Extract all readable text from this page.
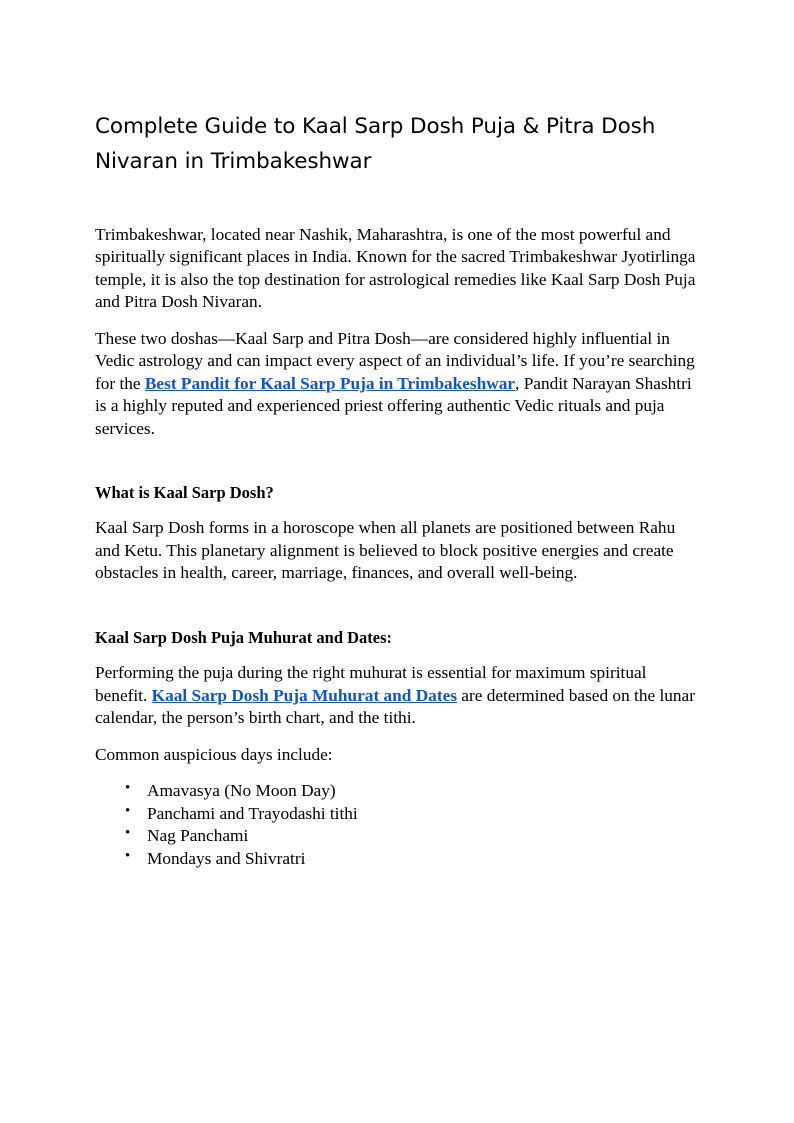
Complete Guide to Kaal Sarp Dosh Puja & Pitra Dosh Nivaran in Trimbakeshwar

Trimbakeshwar, located near Nashik, Maharashtra, is one of the most powerful and spiritually significant places in India. Known for the sacred Trimbakeshwar Jyotirlinga temple, it is also the top destination for astrological remedies like Kaal Sarp Dosh Puja and Pitra Dosh Nivaran.

These two doshas—Kaal Sarp and Pitra Dosh—are considered highly influential in Vedic astrology and can impact every aspect of an individual’s life. If you’re searching for the Best Pandit for Kaal Sarp Puja in Trimbakeshwar, Pandit Narayan Shashtri is a highly reputed and experienced priest offering authentic Vedic rituals and puja services.

What is Kaal Sarp Dosh?

Kaal Sarp Dosh forms in a horoscope when all planets are positioned between Rahu and Ketu. This planetary alignment is believed to block positive energies and create obstacles in health, career, marriage, finances, and overall well-being.

Kaal Sarp Dosh Puja Muhurat and Dates:

Performing the puja during the right muhurat is essential for maximum spiritual benefit. Kaal Sarp Dosh Puja Muhurat and Dates are determined based on the lunar calendar, the person’s birth chart, and the tithi.

Common auspicious days include:

• Amavasya (No Moon Day)
• Panchami and Trayodashi tithi
• Nag Panchami
• Mondays and Shivratri
